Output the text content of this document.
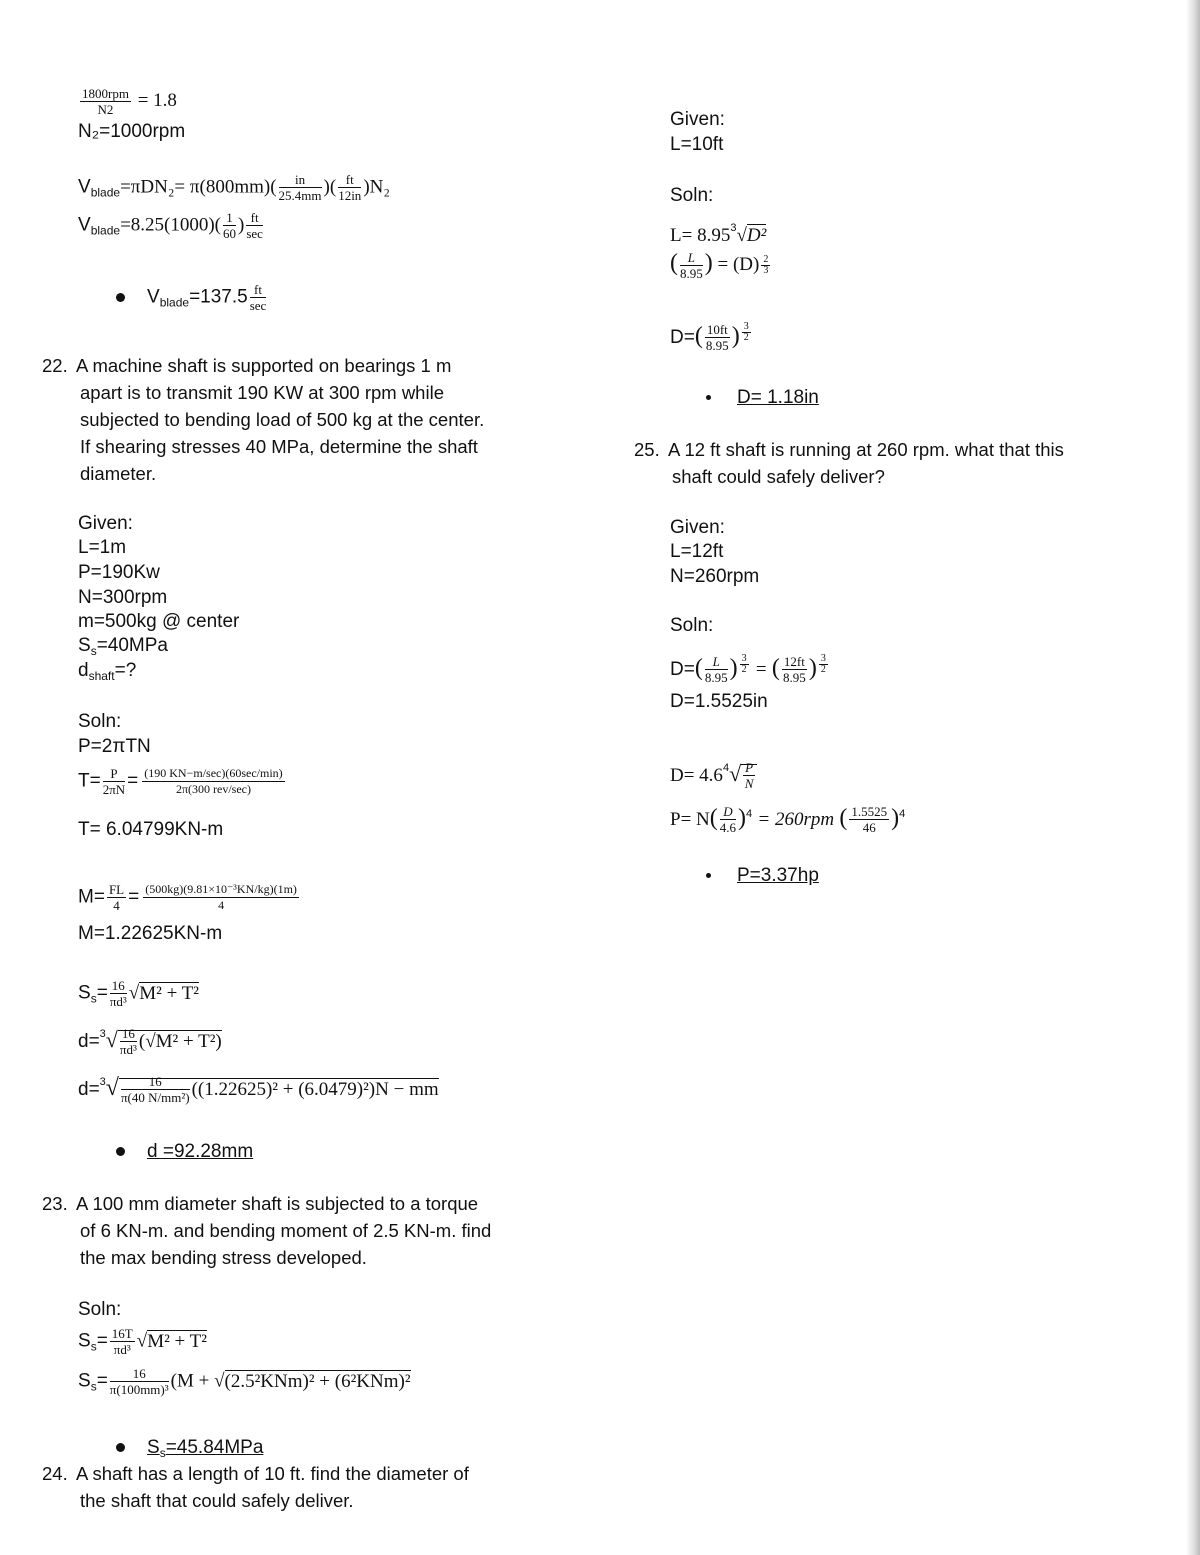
$\frac{\text{1800rpm}}{N2} = 1.8$
N₂=1000rpm
$V_{blade}=\pi DN_2= \pi(800mm)( \frac{in}{25.4mm}$ )( $\frac{ft}{12in} )N_2$
$V_{blade}=8.25(1000)( \frac{1}{60}$ ) $\frac{ft}{\sec}$
$V_{blade}=137.5 \frac{ft}{\sec}$
22. A machine shaft is supported on bearings 1 m
apart is to transmit 190 KW at 300 rpm while
subjected to bending load of 500 kg at the center.
If shearing stresses 40 MPa, determine the shaft
diameter.
Given:
L=1m
P=190Kw
N=300rpm
m=500kg @ center
$S_s=40MPa$
$d_{shaft}=$?
Soln:
P=2πTN
$T= \frac{P}{2\pi N} = \frac{(190 KN-m/\sec)(60\sec/\min)}{\text{2π(300 rev/sec)}}$
T= 6.04799KN-m
$M= \frac{FL}{4} = \frac{\text{(500kg)(9.81×10⁻³KN/kg)(1m)}}{4}$
M=1.22625KN-m
$S_s= \frac{16}{\text{πd³}} √M^2 + T^2$
$d=^3√ \frac{16}{\text{πd³}} (√M^2 + T^2)$
$d=^3√ \frac{16}{\text{π(40 N/mm²)}} ((1.22625)^2 + (6.0479)^2)N$ − mm
d =92.28mm
23. A 100 mm diameter shaft is subjected to a torque
of 6 KN-m. and bending moment of 2.5 KN-m. find
the max bending stress developed.
Soln:
$S_s= \frac{16T}{\text{πd³}} √M^2 + T^2$
$S_s= \frac{16}{\text{π(100mm)³}} (M + √(2.5^2KNm)^2 + (6^2KNm)^2$
$S_s=45.84MPa$
24. A shaft has a length of 10 ft. find the diameter of
the shaft that could safely deliver.
Given:
L=10ft
Soln:
$L= 8.95^3√D^2$
( $\frac{L}{8.95}$ ) = $(D) \frac{2}{3}$
$D=( \frac{10ft}{8.95}$ ) $\frac{3}{2}$
D= 1.18in
25. A 12 ft shaft is running at 260 rpm. what that this
shaft could safely deliver?
Given:
L=12ft
N=260rpm
Soln:
$D=( \frac{L}{8.95}$ ) $\frac{3}{2}$ = ( $\frac{12ft}{8.95}$ ) $\frac{3}{2}$
D=1.5525in
$D= 4.6^4√ \frac{P}{N}$
$P= N( \frac{D}{4.6} )^4 = 260rpm$ ( $\frac{1.5525}{46} )^4$
P=3.37hp
